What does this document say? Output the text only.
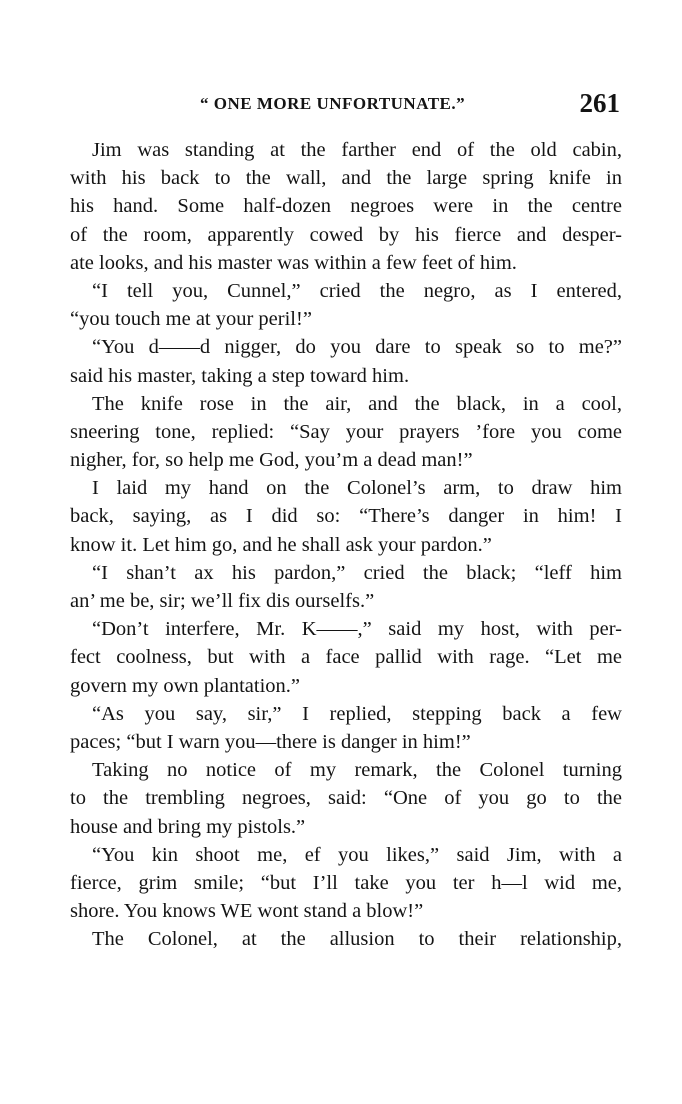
“ ONE MORE UNFORTUNATE.”	261
Jim was standing at the farther end of the old cabin,
with his back to the wall, and the large spring knife in
his hand. Some half-dozen negroes were in the centre
of the room, apparently cowed by his fierce and desper-
ate looks, and his master was within a few feet of him.
“I tell you, Cunnel,” cried the negro, as I entered,
“you touch me at your peril!”
“You d——d nigger, do you dare to speak so to me?”
said his master, taking a step toward him.
The knife rose in the air, and the black, in a cool,
sneering tone, replied: “Say your prayers ’fore you come
nigher, for, so help me God, you’m a dead man!”
I laid my hand on the Colonel’s arm, to draw him
back, saying, as I did so: “There’s danger in him! I
know it. Let him go, and he shall ask your pardon.”
“I shan’t ax his pardon,” cried the black; “leff him
an’ me be, sir; we’ll fix dis ourselfs.”
“Don’t interfere, Mr. K——,” said my host, with per-
fect coolness, but with a face pallid with rage. “Let me
govern my own plantation.”
“As you say, sir,” I replied, stepping back a few
paces; “but I warn you—there is danger in him!”
Taking no notice of my remark, the Colonel turning
to the trembling negroes, said: “One of you go to the
house and bring my pistols.”
“You kin shoot me, ef you likes,” said Jim, with a
fierce, grim smile; “but I’ll take you ter h—l wid me,
shore. You knows WE wont stand a blow!”
The Colonel, at the allusion to their relationship,
